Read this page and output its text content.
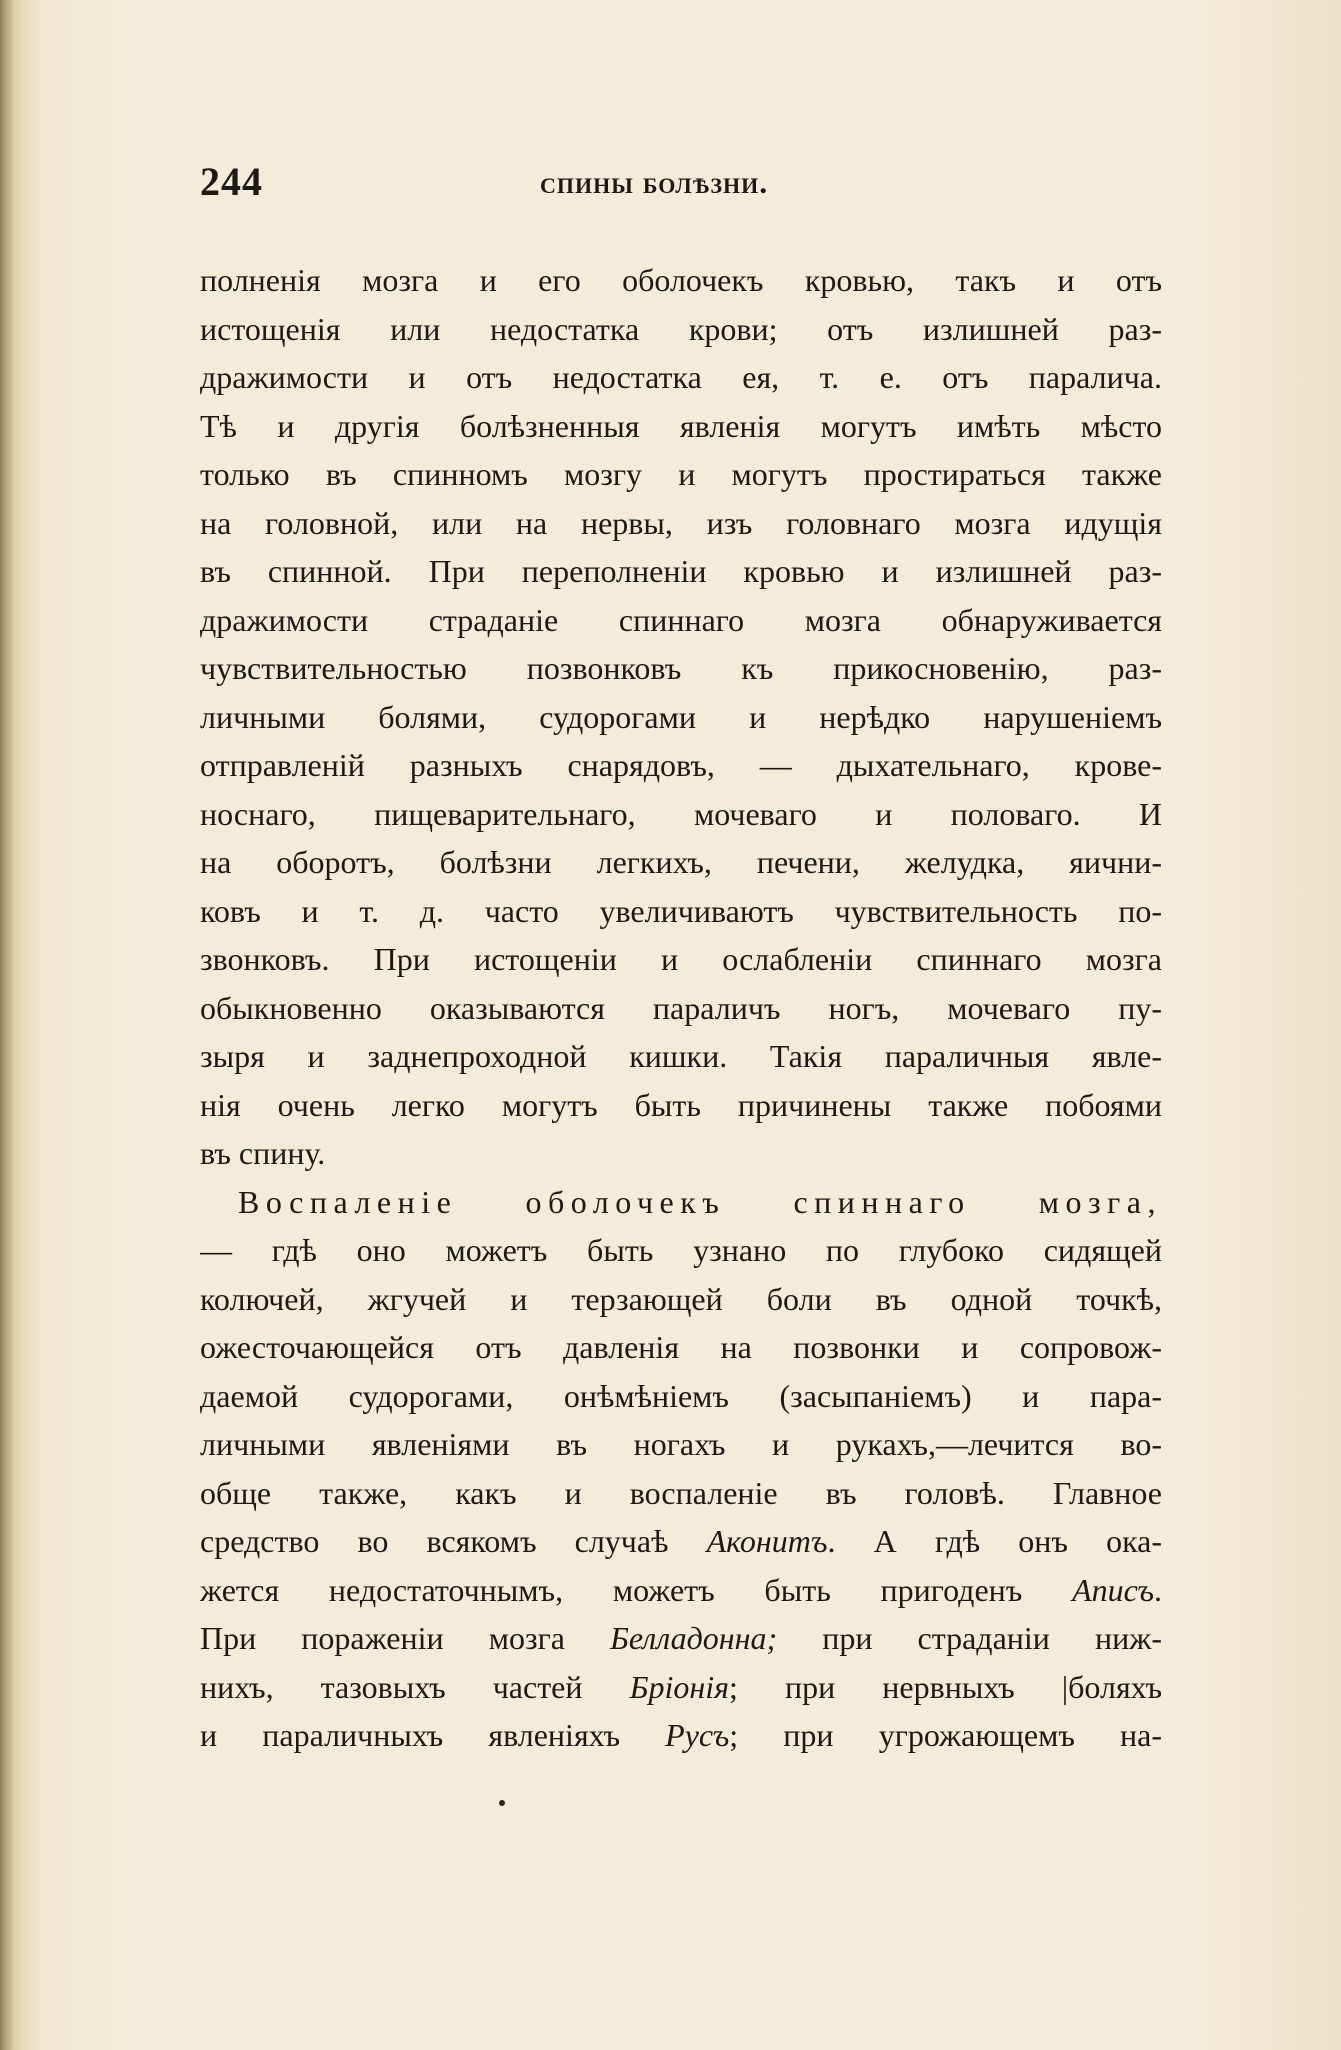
244	спины болѣзни.
полненія мозга и его оболочекъ кровью, такъ и отъ
истощенія или недостатка крови; отъ излишней раз-
дражимости и отъ недостатка ея, т. е. отъ паралича.
Тѣ и другія болѣзненныя явленія могутъ имѣть мѣсто
только въ спинномъ мозгу и могутъ простираться также
на головной, или на нервы, изъ головнаго мозга идущія
въ спинной. При переполненіи кровью и излишней раз-
дражимости страданіе спиннаго мозга обнаруживается
чувствительностью позвонковъ къ прикосновенію, раз-
личными болями, судорогами и нерѣдко нарушеніемъ
отправленій разныхъ снарядовъ, — дыхательнаго, крове-
носнаго, пищеварительнаго, мочеваго и половаго. И
на оборотъ, болѣзни легкихъ, печени, желудка, яични-
ковъ и т. д. часто увеличиваютъ чувствительность по-
звонковъ. При истощеніи и ослабленіи спиннаго мозга
обыкновенно оказываются параличъ ногъ, мочеваго пу-
зыря и заднепроходной кишки. Такія параличныя явле-
нія очень легко могутъ быть причинены также побоями
въ спину.
Воспаленіе оболочекъ спиннаго мозга,
— гдѣ оно можетъ быть узнано по глубоко сидящей
колючей, жгучей и терзающей боли въ одной точкѣ,
ожесточающейся отъ давленія на позвонки и сопровож-
даемой судорогами, онѣмѣніемъ (засыпаніемъ) и пара-
личными явленіями въ ногахъ и рукахъ,—лечится во-
обще также, какъ и воспаленіе въ головѣ. Главное
средство во всякомъ случаѣ Аконитъ. А гдѣ онъ ока-
жется недостаточнымъ, можетъ быть пригоденъ Аписъ.
При пораженіи мозга Белладонна; при страданіи ниж-
нихъ, тазовыхъ частей Бріонія; при нервныхъ |боляхъ
и параличныхъ явленіяхъ Русъ; при угрожающемъ на-
